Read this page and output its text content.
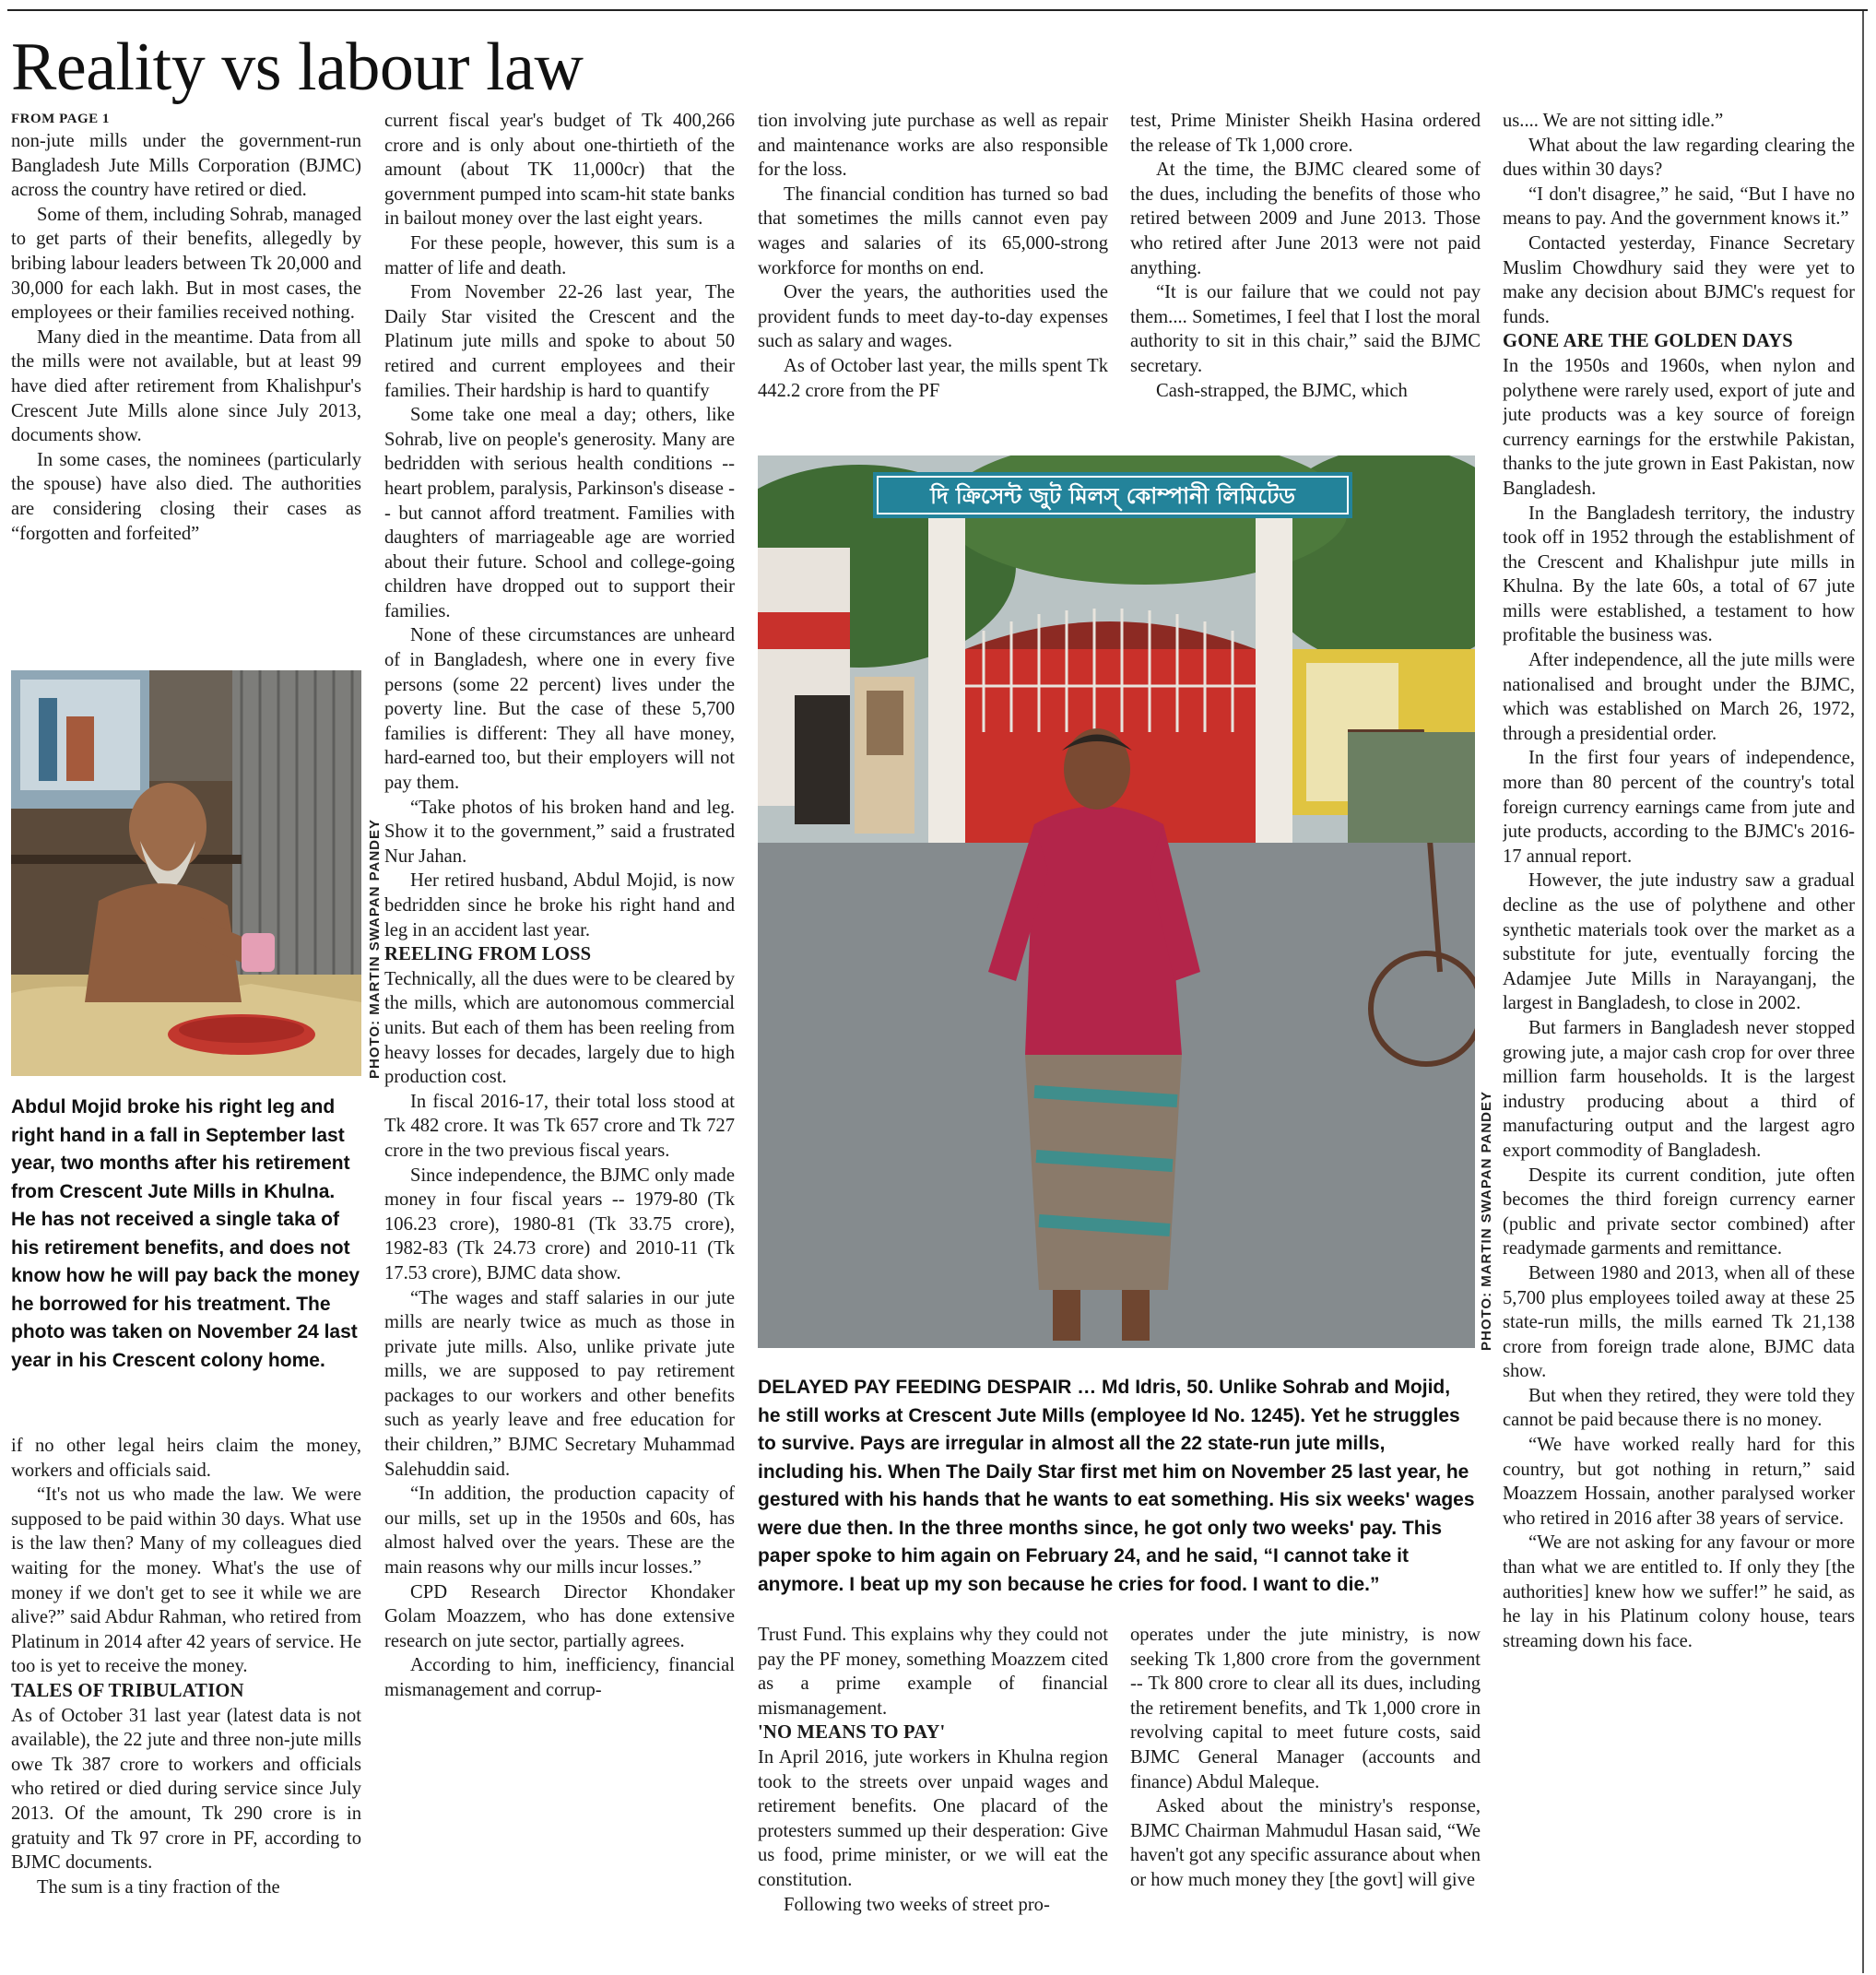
Reality vs labour law

FROM PAGE 1

non-jute mills under the government-run Bangladesh Jute Mills Corporation (BJMC) across the country have retired or died.

Some of them, including Sohrab, managed to get parts of their benefits, allegedly by bribing labour leaders between Tk 20,000 and 30,000 for each lakh. But in most cases, the employees or their families received nothing.

Many died in the meantime. Data from all the mills were not available, but at least 99 have died after retirement from Khalishpur's Crescent Jute Mills alone since July 2013, documents show.

In some cases, the nominees (particularly the spouse) have also died. The authorities are considering closing their cases as “forgotten and forfeited”

PHOTO: MARTIN SWAPAN PANDEY
Abdul Mojid broke his right leg and right hand in a fall in September last year, two months after his retirement from Crescent Jute Mills in Khulna. He has not received a single taka of his retirement benefits, and does not know how he will pay back the money he borrowed for his treatment. The photo was taken on November 24 last year in his Crescent colony home.

if no other legal heirs claim the money, workers and officials said.

“It's not us who made the law. We were supposed to be paid within 30 days. What use is the law then? Many of my colleagues died waiting for the money. What's the use of money if we don't get to see it while we are alive?” said Abdur Rahman, who retired from Platinum in 2014 after 42 years of service. He too is yet to receive the money.

TALES OF TRIBULATION

As of October 31 last year (latest data is not available), the 22 jute and three non-jute mills owe Tk 387 crore to workers and officials who retired or died during service since July 2013. Of the amount, Tk 290 crore is in gratuity and Tk 97 crore in PF, according to BJMC documents.

The sum is a tiny fraction of the

current fiscal year's budget of Tk 400,266 crore and is only about one-thirtieth of the amount (about TK 11,000cr) that the government pumped into scam-hit state banks in bailout money over the last eight years.

For these people, however, this sum is a matter of life and death.

From November 22-26 last year, The Daily Star visited the Crescent and the Platinum jute mills and spoke to about 50 retired and current employees and their families. Their hardship is hard to quantify

Some take one meal a day; others, like Sohrab, live on people's generosity. Many are bedridden with serious health conditions -- heart problem, paralysis, Parkinson's disease -- but cannot afford treatment. Families with daughters of marriageable age are worried about their future. School and college-going children have dropped out to support their families.

None of these circumstances are unheard of in Bangladesh, where one in every five persons (some 22 percent) lives under the poverty line. But the case of these 5,700 families is different: They all have money, hard-earned too, but their employers will not pay them.

“Take photos of his broken hand and leg. Show it to the government,” said a frustrated Nur Jahan.

Her retired husband, Abdul Mojid, is now bedridden since he broke his right hand and leg in an accident last year.

REELING FROM LOSS

Technically, all the dues were to be cleared by the mills, which are autonomous commercial units. But each of them has been reeling from heavy losses for decades, largely due to high production cost.

In fiscal 2016-17, their total loss stood at Tk 482 crore. It was Tk 657 crore and Tk 727 crore in the two previous fiscal years.

Since independence, the BJMC only made money in four fiscal years -- 1979-80 (Tk 106.23 crore), 1980-81 (Tk 33.75 crore), 1982-83 (Tk 24.73 crore) and 2010-11 (Tk 17.53 crore), BJMC data show.

“The wages and staff salaries in our jute mills are nearly twice as much as those in private jute mills. Also, unlike private jute mills, we are supposed to pay retirement packages to our workers and other benefits such as yearly leave and free education for their children,” BJMC Secretary Muhammad Salehuddin said.

“In addition, the production capacity of our mills, set up in the 1950s and 60s, has almost halved over the years. These are the main reasons why our mills incur losses.”

CPD Research Director Khondaker Golam Moazzem, who has done extensive research on jute sector, partially agrees.

According to him, inefficiency, financial mismanagement and corrup-

tion involving jute purchase as well as repair and maintenance works are also responsible for the loss.

The financial condition has turned so bad that sometimes the mills cannot even pay wages and salaries of its 65,000-strong workforce for months on end.

Over the years, the authorities used the provident funds to meet day-to-day expenses such as salary and wages.

As of October last year, the mills spent Tk 442.2 crore from the PF

test, Prime Minister Sheikh Hasina ordered the release of Tk 1,000 crore.

At the time, the BJMC cleared some of the dues, including the benefits of those who retired between 2009 and June 2013. Those who retired after June 2013 were not paid anything.

“It is our failure that we could not pay them.... Sometimes, I feel that I lost the moral authority to sit in this chair,” said the BJMC secretary.

Cash-strapped, the BJMC, which

দি ক্রিসেন্ট জুট মিলস্ কোম্পানী লিমিটেড
PHOTO: MARTIN SWAPAN PANDEY
DELAYED PAY FEEDING DESPAIR … Md Idris, 50. Unlike Sohrab and Mojid, he still works at Crescent Jute Mills (employee Id No. 1245). Yet he struggles to survive. Pays are irregular in almost all the 22 state-run jute mills, including his. When The Daily Star first met him on November 25 last year, he gestured with his hands that he wants to eat something. His six weeks' wages were due then. In the three months since, he got only two weeks' pay. This paper spoke to him again on February 24, and he said, “I cannot take it anymore. I beat up my son because he cries for food. I want to die.”

Trust Fund. This explains why they could not pay the PF money, something Moazzem cited as a prime example of financial mismanagement.

'NO MEANS TO PAY'

In April 2016, jute workers in Khulna region took to the streets over unpaid wages and retirement benefits. One placard of the protesters summed up their desperation: Give us food, prime minister, or we will eat the constitution.

Following two weeks of street pro-

operates under the jute ministry, is now seeking Tk 1,800 crore from the government -- Tk 800 crore to clear all its dues, including the retirement benefits, and Tk 1,000 crore in revolving capital to meet future costs, said BJMC General Manager (accounts and finance) Abdul Maleque.

Asked about the ministry's response, BJMC Chairman Mahmudul Hasan said, “We haven't got any specific assurance about when or how much money they [the govt] will give

us.... We are not sitting idle.”

What about the law regarding clearing the dues within 30 days?

“I don't disagree,” he said, “But I have no means to pay. And the government knows it.”

Contacted yesterday, Finance Secretary Muslim Chowdhury said they were yet to make any decision about BJMC's request for funds.

GONE ARE THE GOLDEN DAYS

In the 1950s and 1960s, when nylon and polythene were rarely used, export of jute and jute products was a key source of foreign currency earnings for the erstwhile Pakistan, thanks to the jute grown in East Pakistan, now Bangladesh.

In the Bangladesh territory, the industry took off in 1952 through the establishment of the Crescent and Khalishpur jute mills in Khulna. By the late 60s, a total of 67 jute mills were established, a testament to how profitable the business was.

After independence, all the jute mills were nationalised and brought under the BJMC, which was established on March 26, 1972, through a presidential order.

In the first four years of independence, more than 80 percent of the country's total foreign currency earnings came from jute and jute products, according to the BJMC's 2016-17 annual report.

However, the jute industry saw a gradual decline as the use of polythene and other synthetic materials took over the market as a substitute for jute, eventually forcing the Adamjee Jute Mills in Narayanganj, the largest in Bangladesh, to close in 2002.

But farmers in Bangladesh never stopped growing jute, a major cash crop for over three million farm households. It is the largest industry producing about a third of manufacturing output and the largest agro export commodity of Bangladesh.

Despite its current condition, jute often becomes the third foreign currency earner (public and private sector combined) after readymade garments and remittance.

Between 1980 and 2013, when all of these 5,700 plus employees toiled away at these 25 state-run mills, the mills earned Tk 21,138 crore from foreign trade alone, BJMC data show.

But when they retired, they were told they cannot be paid because there is no money.

“We have worked really hard for this country, but got nothing in return,” said Moazzem Hossain, another paralysed worker who retired in 2016 after 38 years of service.

“We are not asking for any favour or more than what we are entitled to. If only they [the authorities] knew how we suffer!” he said, as he lay in his Platinum colony house, tears streaming down his face.
